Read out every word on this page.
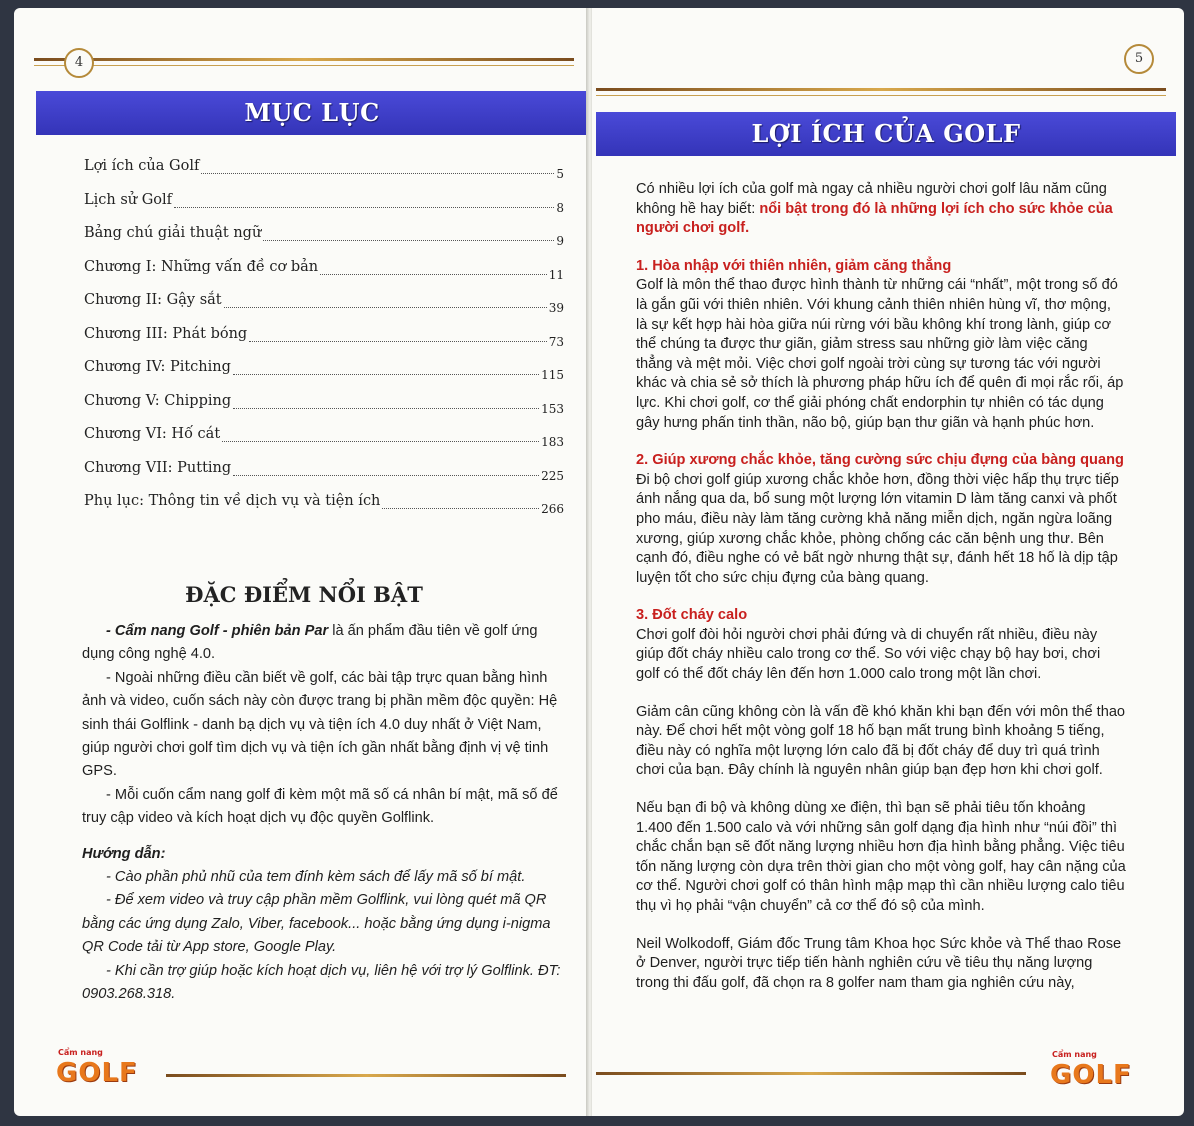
4
MỤC LỤC
Lợi ích của Golf	5
Lịch sử Golf	8
Bảng chú giải thuật ngữ	9
Chương I: Những vấn đề cơ bản	11
Chương II: Gậy sắt	39
Chương III: Phát bóng	73
Chương IV: Pitching	115
Chương V: Chipping	153
Chương VI: Hố cát	183
Chương VII: Putting	225
Phụ lục: Thông tin về dịch vụ và tiện ích	266
ĐẶC ĐIỂM NỔI BẬT

- Cẩm nang Golf - phiên bản Par là ấn phẩm đầu tiên về golf ứng dụng công nghệ 4.0.

- Ngoài những điều cần biết về golf, các bài tập trực quan bằng hình ảnh và video, cuốn sách này còn được trang bị phần mềm độc quyền: Hệ sinh thái Golflink - danh bạ dịch vụ và tiện ích 4.0 duy nhất ở Việt Nam, giúp người chơi golf tìm dịch vụ và tiện ích gần nhất bằng định vị vệ tinh GPS.

- Mỗi cuốn cẩm nang golf đi kèm một mã số cá nhân bí mật, mã số để truy cập video và kích hoạt dịch vụ độc quyền Golflink.

Hướng dẫn:

- Cào phần phủ nhũ của tem đính kèm sách để lấy mã số bí mật.

- Để xem video và truy cập phần mềm Golflink, vui lòng quét mã QR bằng các ứng dụng Zalo, Viber, facebook... hoặc bằng ứng dụng i-nigma QR Code tải từ App store, Google Play.

- Khi cần trợ giúp hoặc kích hoạt dịch vụ, liên hệ với trợ lý Golflink. ĐT: 0903.268.318.

Cẩm nang
GOLF
5
LỢI ÍCH CỦA GOLF

Có nhiều lợi ích của golf mà ngay cả nhiều người chơi golf lâu năm cũng không hề hay biết: nổi bật trong đó là những lợi ích cho sức khỏe của người chơi golf.

1. Hòa nhập với thiên nhiên, giảm căng thẳng
Golf là môn thể thao được hình thành từ những cái “nhất”, một trong số đó là gắn gũi với thiên nhiên. Với khung cảnh thiên nhiên hùng vĩ, thơ mộng, là sự kết hợp hài hòa giữa núi rừng với bầu không khí trong lành, giúp cơ thể chúng ta được thư giãn, giảm stress sau những giờ làm việc căng thẳng và mệt mỏi. Việc chơi golf ngoài trời cùng sự tương tác với người khác và chia sẻ sở thích là phương pháp hữu ích để quên đi mọi rắc rối, áp lực. Khi chơi golf, cơ thể giải phóng chất endorphin tự nhiên có tác dụng gây hưng phấn tinh thần, não bộ, giúp bạn thư giãn và hạnh phúc hơn.

2. Giúp xương chắc khỏe, tăng cường sức chịu đựng của bàng quang
Đi bộ chơi golf giúp xương chắc khỏe hơn, đồng thời việc hấp thụ trực tiếp ánh nắng qua da, bổ sung một lượng lớn vitamin D làm tăng canxi và phốt pho máu, điều này làm tăng cường khả năng miễn dịch, ngăn ngừa loãng xương, giúp xương chắc khỏe, phòng chống các căn bệnh ung thư. Bên cạnh đó, điều nghe có vẻ bất ngờ nhưng thật sự, đánh hết 18 hố là dịp tập luyện tốt cho sức chịu đựng của bàng quang.

3. Đốt cháy calo
Chơi golf đòi hỏi người chơi phải đứng và di chuyển rất nhiều, điều này giúp đốt cháy nhiều calo trong cơ thể. So với việc chạy bộ hay bơi, chơi golf có thể đốt cháy lên đến hơn 1.000 calo trong một lần chơi.

Giảm cân cũng không còn là vấn đề khó khăn khi bạn đến với môn thể thao này. Để chơi hết một vòng golf 18 hố bạn mất trung bình khoảng 5 tiếng, điều này có nghĩa một lượng lớn calo đã bị đốt cháy để duy trì quá trình chơi của bạn. Đây chính là nguyên nhân giúp bạn đẹp hơn khi chơi golf.

Nếu bạn đi bộ và không dùng xe điện, thì bạn sẽ phải tiêu tốn khoảng 1.400 đến 1.500 calo và với những sân golf dạng địa hình như “núi đồi” thì chắc chắn bạn sẽ đốt năng lượng nhiều hơn địa hình bằng phẳng. Việc tiêu tốn năng lượng còn dựa trên thời gian cho một vòng golf, hay cân nặng của cơ thể. Người chơi golf có thân hình mập mạp thì cần nhiều lượng calo tiêu thụ vì họ phải “vận chuyển” cả cơ thể đó sộ của mình.

Neil Wolkodoff, Giám đốc Trung tâm Khoa học Sức khỏe và Thể thao Rose ở Denver, người trực tiếp tiến hành nghiên cứu về tiêu thụ năng lượng trong thi đấu golf, đã chọn ra 8 golfer nam tham gia nghiên cứu này,

Cẩm nang
GOLF
